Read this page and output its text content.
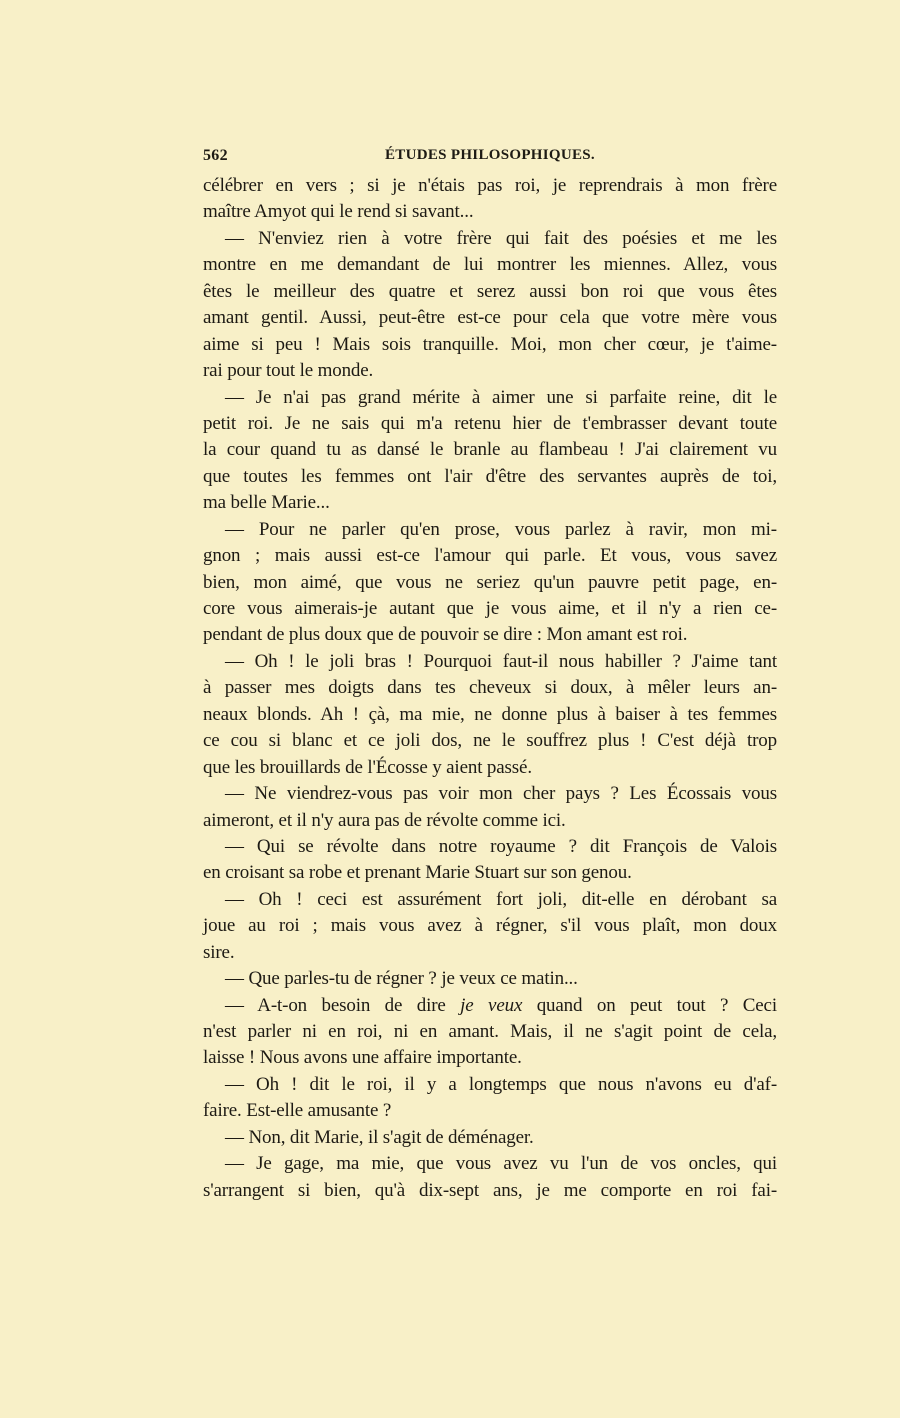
562	ÉTUDES PHILOSOPHIQUES.
célébrer en vers ; si je n'étais pas roi, je reprendrais à mon frère
maître Amyot qui le rend si savant...
— N'enviez rien à votre frère qui fait des poésies et me les
montre en me demandant de lui montrer les miennes. Allez, vous
êtes le meilleur des quatre et serez aussi bon roi que vous êtes
amant gentil. Aussi, peut-être est-ce pour cela que votre mère vous
aime si peu ! Mais sois tranquille. Moi, mon cher cœur, je t'aime-
rai pour tout le monde.
— Je n'ai pas grand mérite à aimer une si parfaite reine, dit le
petit roi. Je ne sais qui m'a retenu hier de t'embrasser devant toute
la cour quand tu as dansé le branle au flambeau ! J'ai clairement vu
que toutes les femmes ont l'air d'être des servantes auprès de toi,
ma belle Marie...
— Pour ne parler qu'en prose, vous parlez à ravir, mon mi-
gnon ; mais aussi est-ce l'amour qui parle. Et vous, vous savez
bien, mon aimé, que vous ne seriez qu'un pauvre petit page, en-
core vous aimerais-je autant que je vous aime, et il n'y a rien ce-
pendant de plus doux que de pouvoir se dire : Mon amant est roi.
— Oh ! le joli bras ! Pourquoi faut-il nous habiller ? J'aime tant
à passer mes doigts dans tes cheveux si doux, à mêler leurs an-
neaux blonds. Ah ! çà, ma mie, ne donne plus à baiser à tes femmes
ce cou si blanc et ce joli dos, ne le souffrez plus ! C'est déjà trop
que les brouillards de l'Écosse y aient passé.
— Ne viendrez-vous pas voir mon cher pays ? Les Écossais vous
aimeront, et il n'y aura pas de révolte comme ici.
— Qui se révolte dans notre royaume ? dit François de Valois
en croisant sa robe et prenant Marie Stuart sur son genou.
— Oh ! ceci est assurément fort joli, dit-elle en dérobant sa
joue au roi ; mais vous avez à régner, s'il vous plaît, mon doux
sire.
— Que parles-tu de régner ? je veux ce matin...
— A-t-on besoin de dire je veux quand on peut tout ? Ceci
n'est parler ni en roi, ni en amant. Mais, il ne s'agit point de cela,
laisse ! Nous avons une affaire importante.
— Oh ! dit le roi, il y a longtemps que nous n'avons eu d'af-
faire. Est-elle amusante ?
— Non, dit Marie, il s'agit de déménager.
— Je gage, ma mie, que vous avez vu l'un de vos oncles, qui
s'arrangent si bien, qu'à dix-sept ans, je me comporte en roi fai-
